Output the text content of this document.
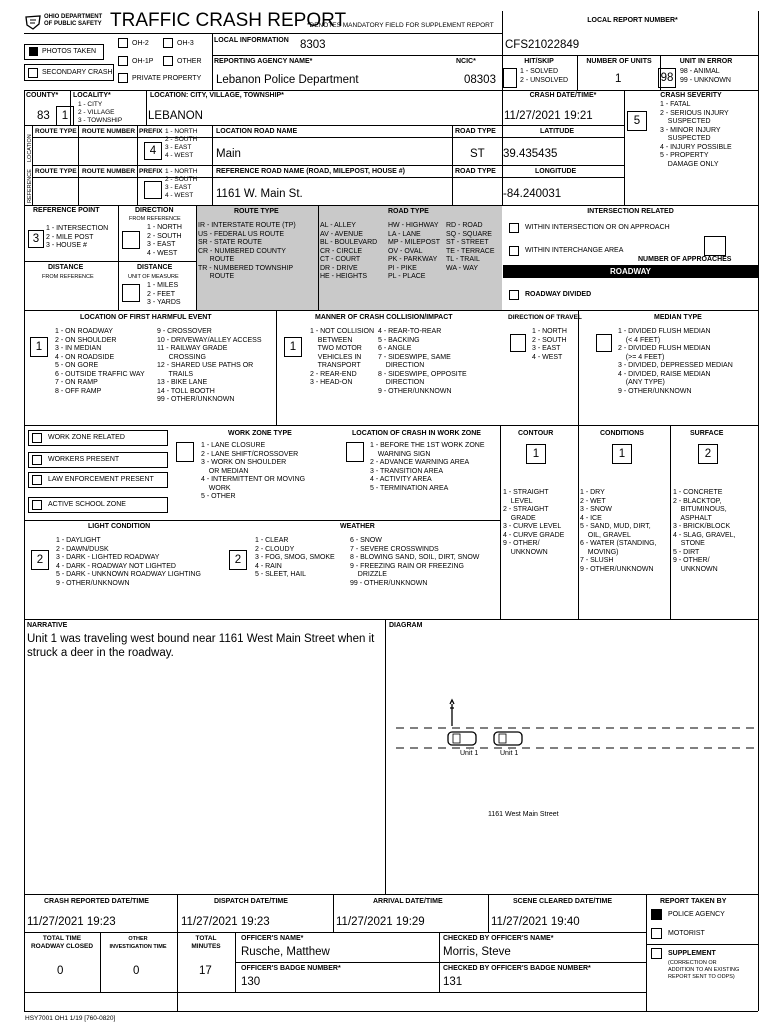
OHIO DEPARTMENT
OF PUBLIC SAFETY TRAFFIC CRASH REPORT
*DENOTES MANDATORY FIELD FOR SUPPLEMENT REPORT
LOCAL REPORT NUMBER*
CFS21022849
PHOTOS TAKEN
SECONDARY CRASH
OH-2	OH-3
OH-1P	OTHER
PRIVATE PROPERTY
LOCAL INFORMATION 8303
REPORTING AGENCY NAME*
Lebanon Police Department
NCIC*
08303
HIT/SKIP
1 - SOLVED
2 - UNSOLVED
NUMBER OF UNITS
1
UNIT IN ERROR
98
98 - ANIMAL
99 - UNKNOWN
COUNTY*
83
LOCALITY*
1
1 - CITY
2 - VILLAGE
3 - TOWNSHIP
LOCATION: CITY, VILLAGE, TOWNSHIP*
LEBANON
CRASH DATE/TIME*
11/27/2021 19:21
CRASH SEVERITY
5
1 - FATAL
2 - SERIOUS INJURY
SUSPECTED
3 - MINOR INJURY
SUSPECTED
4 - INJURY POSSIBLE
5 - PROPERTY
DAMAGE ONLY
LOCATION
REFERENCE
ROUTE TYPE ROUTE NUMBER PREFIX 1 - NORTH
2 - SOUTH
3 - EAST
4 - WEST
4
LOCATION ROAD NAME
Main
ROAD TYPE
ST
LATITUDE
39.435435
ROUTE TYPE ROUTE NUMBER PREFIX 1 - NORTH
2 - SOUTH
3 - EAST
4 - WEST
REFERENCE ROAD NAME (ROAD, MILEPOST, HOUSE #)
1161 W. Main St.
ROAD TYPE	LONGITUDE
-84.240031
REFERENCE POINT
3
1 - INTERSECTION
2 - MILE POST
3 - HOUSE #
DIRECTION
FROM REFERENCE
1 - NORTH
2 - SOUTH
3 - EAST
4 - WEST
DISTANCE
FROM REFERENCE
DISTANCE
UNIT OF MEASURE
1 - MILES
2 - FEET
3 - YARDS
ROUTE TYPE
IR - INTERSTATE ROUTE (TP)
US - FEDERAL US ROUTE
SR - STATE ROUTE
CR - NUMBERED COUNTY
ROUTE
TR - NUMBERED TOWNSHIP
ROUTE
ROAD TYPE
AL - ALLEY
AV - AVENUE
BL - BOULEVARD
CR - CIRCLE
CT - COURT
DR - DRIVE
HE - HEIGHTS
HW - HIGHWAY
LA - LANE
MP - MILEPOST
OV - OVAL
PK - PARKWAY
PI - PIKE
PL - PLACE
RD - ROAD
SQ - SQUARE
ST - STREET
TE - TERRACE
TL - TRAIL
WA - WAY
INTERSECTION RELATED
WITHIN INTERSECTION OR ON APPROACH
WITHIN INTERCHANGE AREA
NUMBER OF APPROACHES
ROADWAY
ROADWAY DIVIDED
LOCATION OF FIRST HARMFUL EVENT
1
1 - ON ROADWAY
2 - ON SHOULDER
3 - IN MEDIAN
4 - ON ROADSIDE
5 - ON GORE
6 - OUTSIDE TRAFFIC WAY
7 - ON RAMP
8 - OFF RAMP
9 - CROSSOVER
10 - DRIVEWAY/ALLEY ACCESS
11 - RAILWAY GRADE
CROSSING
12 - SHARED USE PATHS OR
TRAILS
13 - BIKE LANE
14 - TOLL BOOTH
99 - OTHER/UNKNOWN
MANNER OF CRASH COLLISION/IMPACT
1
1 - NOT COLLISION
BETWEEN
TWO MOTOR
VEHICLES IN
TRANSPORT
2 - REAR-END
3 - HEAD-ON
4 - REAR-TO-REAR
5 - BACKING
6 - ANGLE
7 - SIDESWIPE, SAME
DIRECTION
8 - SIDESWIPE, OPPOSITE
DIRECTION
9 - OTHER/UNKNOWN
DIRECTION OF TRAVEL
1 - NORTH
2 - SOUTH
3 - EAST
4 - WEST
MEDIAN TYPE
1 - DIVIDED FLUSH MEDIAN
(< 4 FEET)
2 - DIVIDED FLUSH MEDIAN
(>= 4 FEET)
3 - DIVIDED, DEPRESSED MEDIAN
4 - DIVIDED, RAISE MEDIAN
(ANY TYPE)
9 - OTHER/UNKNOWN
WORK ZONE RELATED
WORKERS PRESENT
LAW ENFORCEMENT PRESENT
ACTIVE SCHOOL ZONE
WORK ZONE TYPE
1 - LANE CLOSURE
2 - LANE SHIFT/CROSSOVER
3 - WORK ON SHOULDER
OR MEDIAN
4 - INTERMITTENT OR MOVING
WORK
5 - OTHER
LOCATION OF CRASH IN WORK ZONE
1 - BEFORE THE 1ST WORK ZONE
WARNING SIGN
2 - ADVANCE WARNING AREA
3 - TRANSITION AREA
4 - ACTIVITY AREA
5 - TERMINATION AREA
CONTOUR
1
1 - STRAIGHT
LEVEL
2 - STRAIGHT
GRADE
3 - CURVE LEVEL
4 - CURVE GRADE
9 - OTHER/
UNKNOWN
CONDITIONS
1
1 - DRY
2 - WET
3 - SNOW
4 - ICE
5 - SAND, MUD, DIRT,
OIL, GRAVEL
6 - WATER (STANDING,
MOVING)
7 - SLUSH
9 - OTHER/UNKNOWN
SURFACE
2
1 - CONCRETE
2 - BLACKTOP,
BITUMINOUS,
ASPHALT
3 - BRICK/BLOCK
4 - SLAG, GRAVEL,
STONE
5 - DIRT
9 - OTHER/
UNKNOWN
LIGHT CONDITION
2
1 - DAYLIGHT
2 - DAWN/DUSK
3 - DARK - LIGHTED ROADWAY
4 - DARK - ROADWAY NOT LIGHTED
5 - DARK - UNKNOWN ROADWAY LIGHTING
9 - OTHER/UNKNOWN
WEATHER
2
1 - CLEAR
2 - CLOUDY
3 - FOG, SMOG, SMOKE
4 - RAIN
5 - SLEET, HAIL
6 - SNOW
7 - SEVERE CROSSWINDS
8 - BLOWING SAND, SOIL, DIRT, SNOW
9 - FREEZING RAIN OR FREEZING
DRIZZLE
99 - OTHER/UNKNOWN
NARRATIVE
Unit 1 was traveling west bound near 1161 West Main Street when it struck a deer in the roadway.
DIAGRAM
Unit 1	Unit 1
1161 West Main Street
CRASH REPORTED DATE/TIME
11/27/2021 19:23
DISPATCH DATE/TIME
11/27/2021 19:23
ARRIVAL DATE/TIME
11/27/2021 19:29
SCENE CLEARED DATE/TIME
11/27/2021 19:40
REPORT TAKEN BY
POLICE AGENCY
MOTORIST
SUPPLEMENT
(CORRECTION OR
ADDITION TO AN EXISTING
REPORT SENT TO ODPS)
TOTAL TIME
ROADWAY CLOSED
0
OTHER
INVESTIGATION TIME
0
TOTAL
MINUTES
17
OFFICER'S NAME*
Rusche, Matthew
CHECKED BY OFFICER'S NAME*
Morris, Steve
OFFICER'S BADGE NUMBER*
130
CHECKED BY OFFICER'S BADGE NUMBER*
131
HSY7001 OH1 1/19 [760-0820]
